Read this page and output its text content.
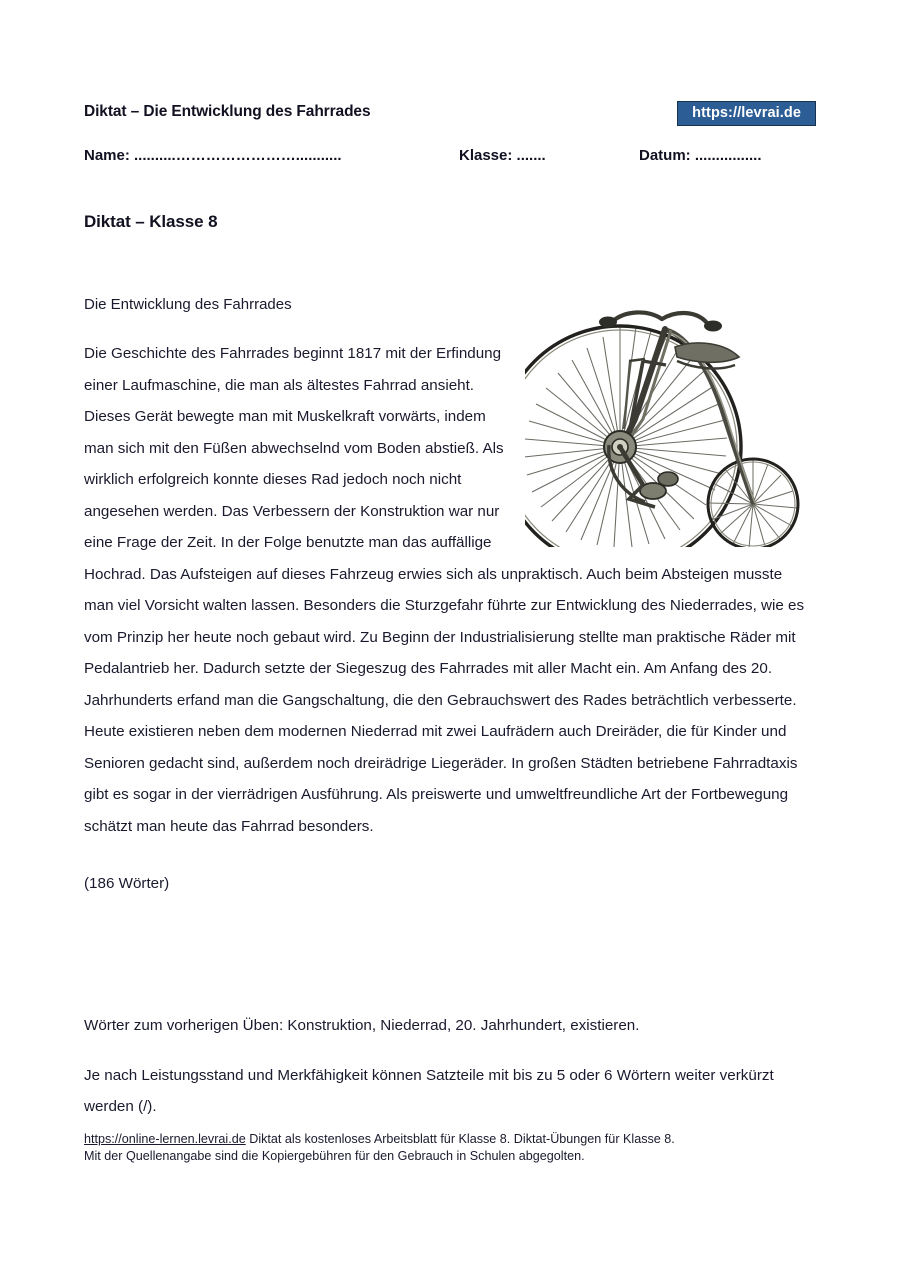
Diktat – Die Entwicklung des Fahrrades	https://levrai.de
Name: ..........……………………...........	Klasse: .......	Datum: ................
Diktat – Klasse 8
Die Entwicklung des Fahrrades

Die Geschichte des Fahrrades beginnt 1817 mit der Erfindung einer Laufmaschine, die man als ältestes Fahrrad ansieht. Dieses Gerät bewegte man mit Muskelkraft vorwärts, indem man sich mit den Füßen abwechselnd vom Boden abstieß. Als wirklich erfolgreich konnte dieses Rad jedoch noch nicht angesehen werden. Das Verbessern der Konstruktion war nur eine Frage der Zeit. In der Folge benutzte man das auffällige Hochrad. Das Aufsteigen auf dieses Fahrzeug erwies sich als unpraktisch. Auch beim Absteigen musste man viel Vorsicht walten lassen. Besonders die Sturzgefahr führte zur Entwicklung des Niederrades, wie es vom Prinzip her heute noch gebaut wird. Zu Beginn der Industrialisierung stellte man praktische Räder mit Pedalantrieb her. Dadurch setzte der Siegeszug des Fahrrades mit aller Macht ein. Am Anfang des 20. Jahrhunderts erfand man die Gangschaltung, die den Gebrauchswert des Rades beträchtlich verbesserte. Heute existieren neben dem modernen Niederrad mit zwei Laufrädern auch Dreiräder, die für Kinder und Senioren gedacht sind, außerdem noch dreirädrige Liegeräder. In großen Städten betriebene Fahrradtaxis gibt es sogar in der vierrädrigen Ausführung. Als preiswerte und umweltfreundliche Art der Fortbewegung schätzt man heute das Fahrrad besonders.

(186 Wörter)

Wörter zum vorherigen Üben: Konstruktion, Niederrad, 20. Jahrhundert, existieren.

Je nach Leistungsstand und Merkfähigkeit können Satzteile mit bis zu 5 oder 6 Wörtern weiter verkürzt werden (/).

https://online-lernen.levrai.de Diktat als kostenloses Arbeitsblatt für Klasse 8. Diktat-Übungen für Klasse 8.
Mit der Quellenangabe sind die Kopiergebühren für den Gebrauch in Schulen abgegolten.
